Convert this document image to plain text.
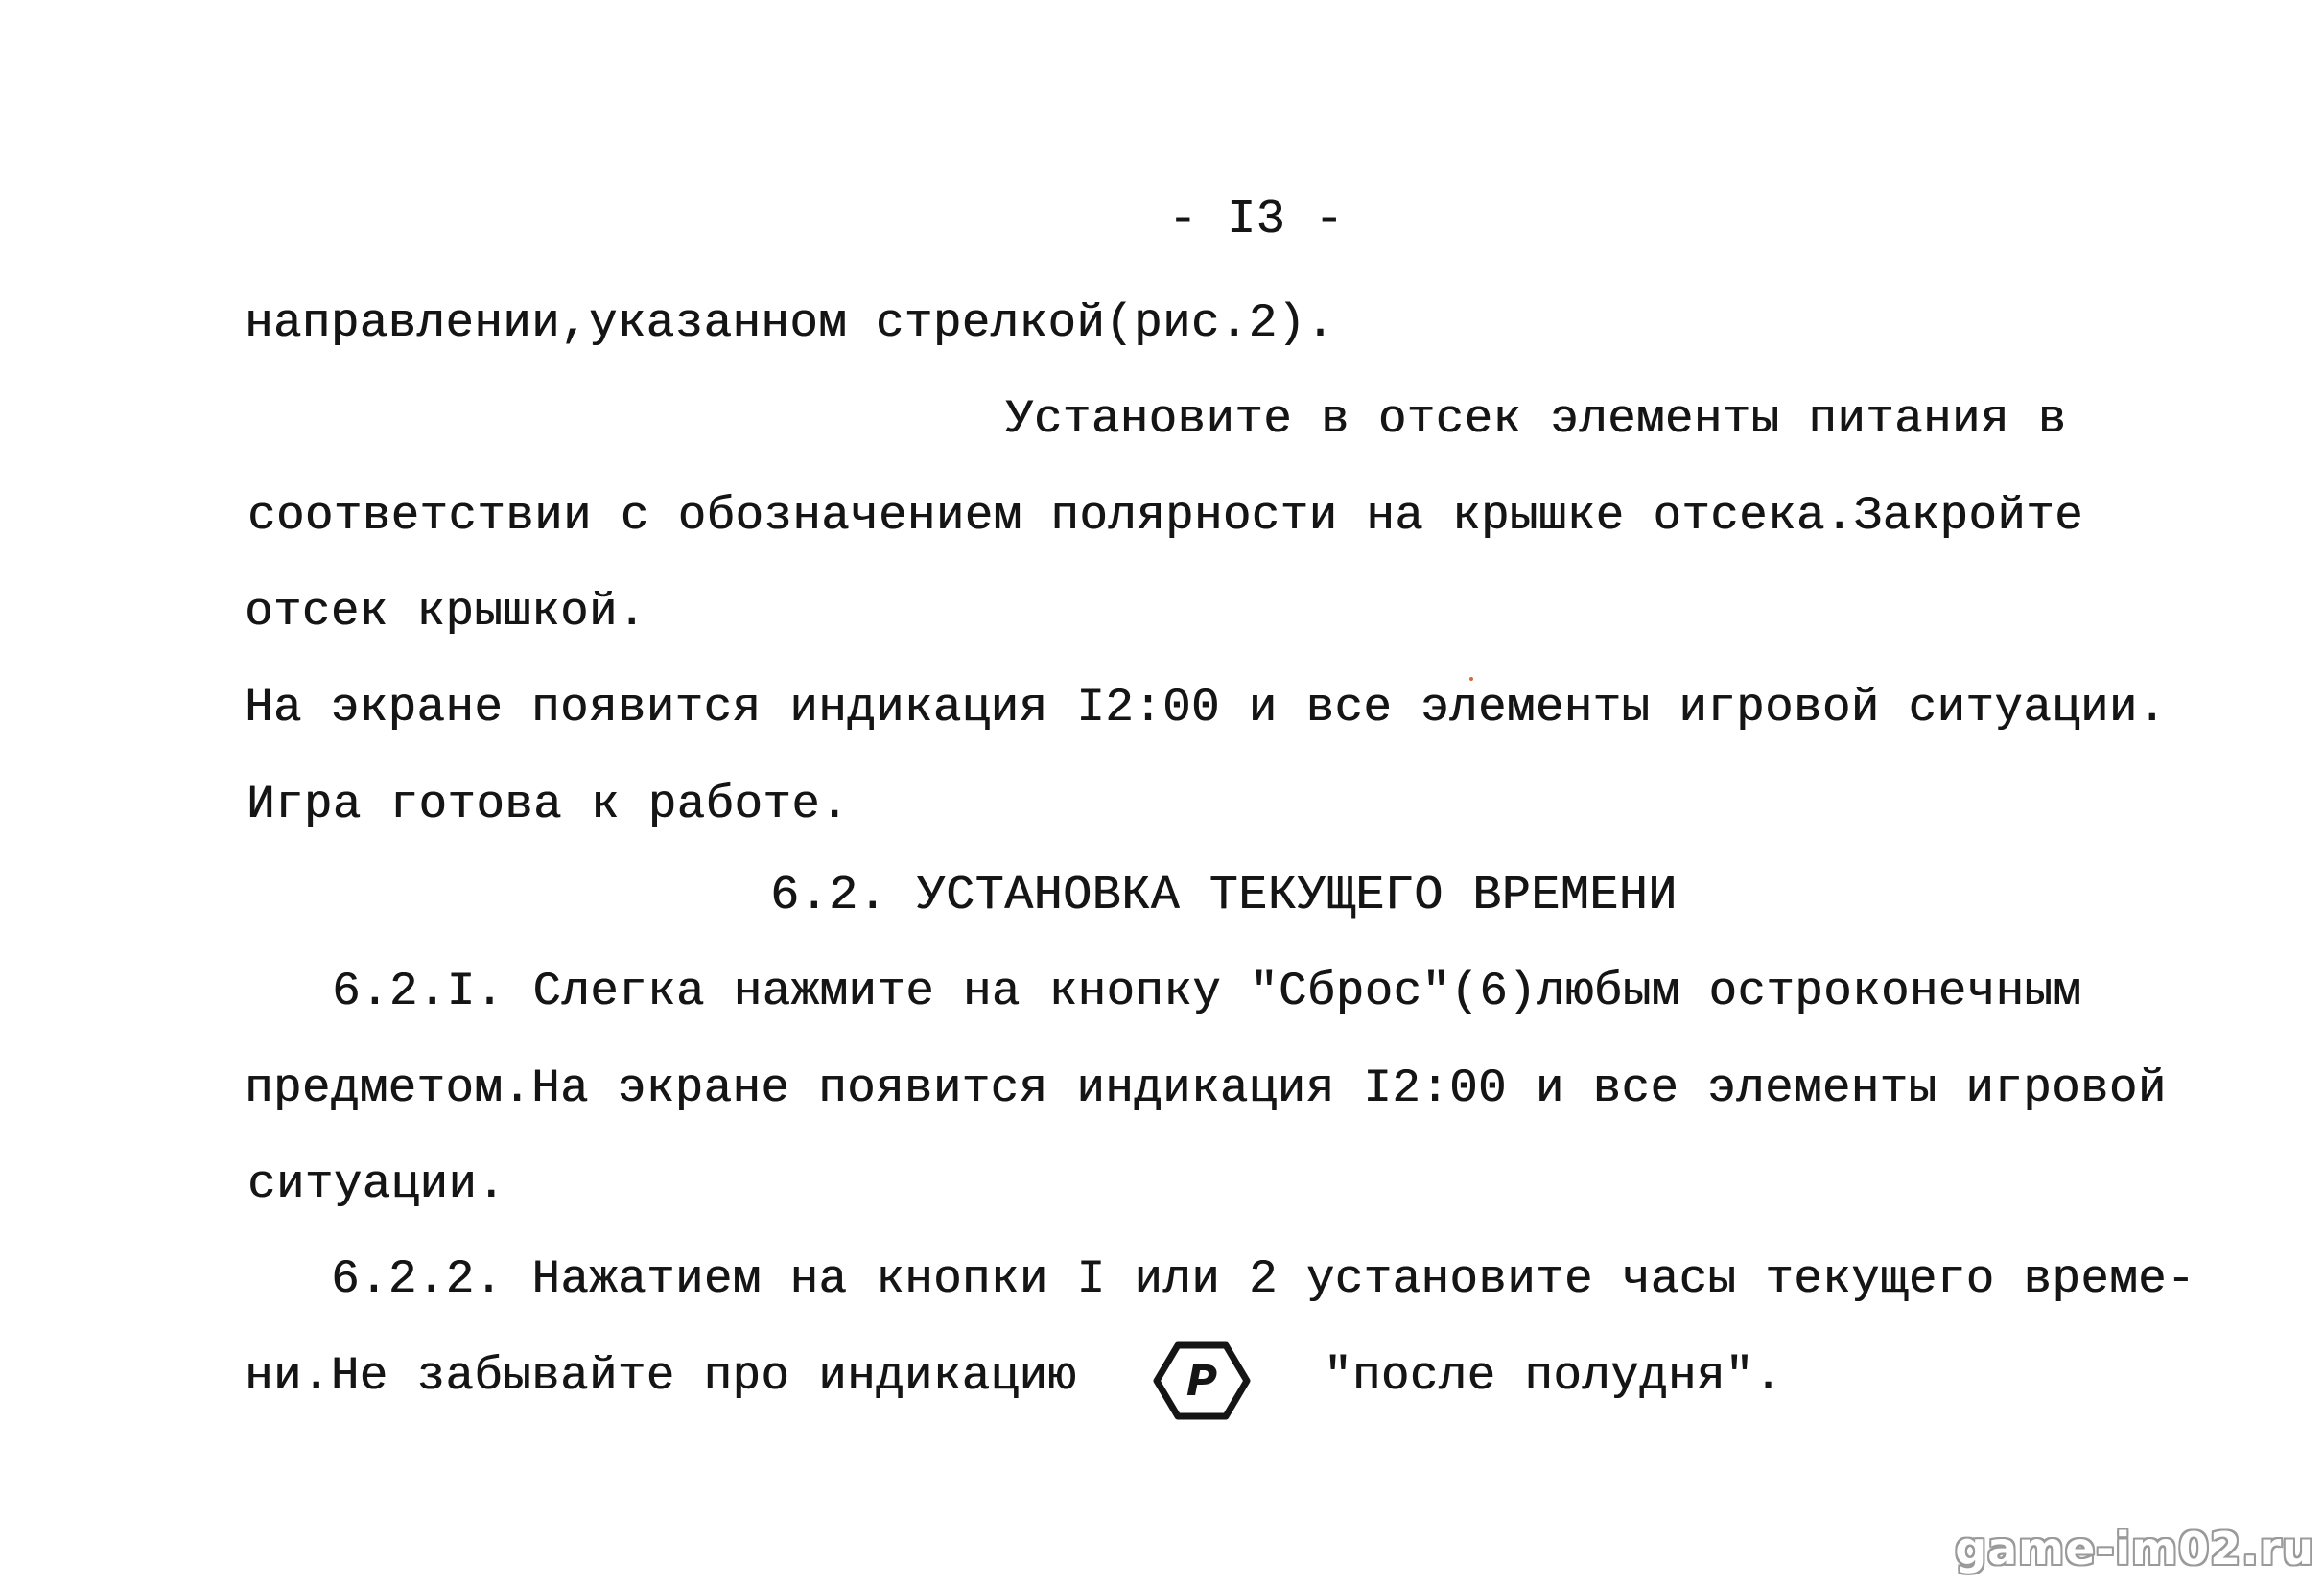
- I3 -
направлении,указанном стрелкой(рис.2).
Установите в отсек элементы питания в
соответствии с обозначением полярности на крышке отсека.Закройте
отсек крышкой.
На экране появится индикация I2:00 и все элементы игровой ситуации.
Игра готова к работе.
6.2. УСТАНОВКА ТЕКУЩЕГО ВРЕМЕНИ
6.2.I. Слегка нажмите на кнопку "Сброс"(6)любым остроконечным
предметом.На экране появится индикация I2:00 и все элементы игровой
ситуации.
6.2.2. Нажатием на кнопки I или 2 установите часы текущего време-
ни.Не забывайте про индикацию	P "после полудня".
game-im02.ru
